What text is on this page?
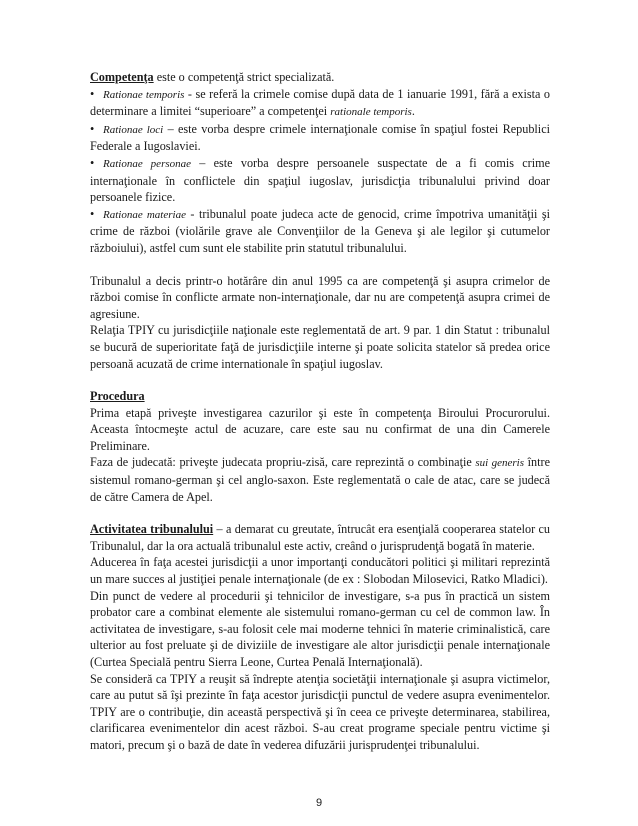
Competenţa este o competenţă strict specializată.

• Rationae temporis - se referă la crimele comise după data de 1 ianuarie 1991, fără a exista o determinare a limitei “superioare” a competenţei rationale temporis.

• Rationae loci – este vorba despre crimele internaţionale comise în spaţiul fostei Republici Federale a Iugoslaviei.

• Rationae personae – este vorba despre persoanele suspectate de a fi comis crime internaţionale în conflictele din spaţiul iugoslav, jurisdicţia tribunalului privind doar persoanele fizice.

• Rationae materiae - tribunalul poate judeca acte de genocid, crime împotriva umanităţii şi crime de război (violările grave ale Convenţiilor de la Geneva şi ale legilor şi cutumelor războiului), astfel cum sunt ele stabilite prin statutul tribunalului.

Tribunalul a decis printr-o hotărâre din anul 1995 ca are competenţă şi asupra crimelor de război comise în conflicte armate non-internaţionale, dar nu are competenţă asupra crimei de agresiune.

Relaţia TPIY cu jurisdicţiile naţionale este reglementată de art. 9 par. 1 din Statut : tribunalul se bucură de superioritate faţă de jurisdicţiile interne şi poate solicita statelor să predea orice persoană acuzată de crime internationale în spaţiul iugoslav.

Procedura

Prima etapă priveşte investigarea cazurilor şi este în competenţa Biroului Procurorului. Aceasta întocmeşte actul de acuzare, care este sau nu confirmat de una din Camerele Preliminare.

Faza de judecată: priveşte judecata propriu-zisă, care reprezintă o combinaţie sui generis între sistemul romano-german şi cel anglo-saxon. Este reglementată o cale de atac, care se judecă de către Camera de Apel.

Activitatea tribunalului – a demarat cu greutate, întrucât era esenţială cooperarea statelor cu Tribunalul, dar la ora actuală tribunalul este activ, creând o jurisprudenţă bogată în materie.

Aducerea în faţa acestei jurisdicţii a unor importanţi conducători politici şi militari reprezintă un mare succes al justiţiei penale internaţionale (de ex : Slobodan Milosevici, Ratko Mladici).

Din punct de vedere al procedurii şi tehnicilor de investigare, s-a pus în practică un sistem probator care a combinat elemente ale sistemului romano-german cu cel de common law. În activitatea de investigare, s-au folosit cele mai moderne tehnici în materie criminalistică, care ulterior au fost preluate şi de diviziile de investigare ale altor jurisdicţii penale internaţionale (Curtea Specială pentru Sierra Leone, Curtea Penală Internaţională).

Se consideră ca TPIY a reuşit să îndrepte atenţia societăţii internaţionale şi asupra victimelor, care au putut să îşi prezinte în faţa acestor jurisdicţii punctul de vedere asupra evenimentelor. TPIY are o contribuţie, din această perspectivă şi în ceea ce priveşte determinarea, stabilirea, clarificarea evenimentelor din acest război. S-au creat programe speciale pentru victime şi matori, precum şi o bază de date în vederea difuzării jurisprudenţei tribunalului.

9
